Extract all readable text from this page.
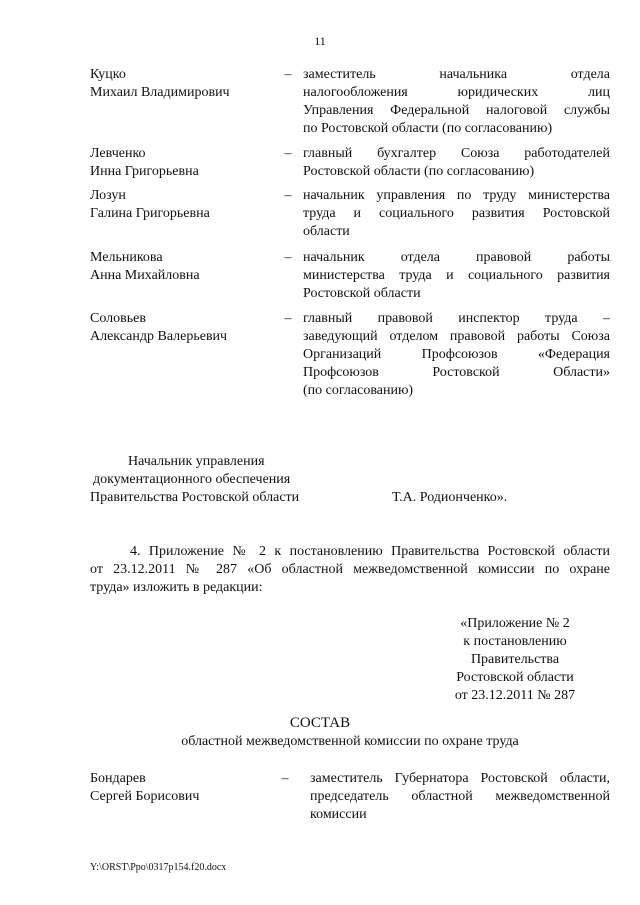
11
Куцко
Михаил Владимирович
– заместитель начальника отдела
налогообложения юридических лиц
Управления Федеральной налоговой службы
по Ростовской области (по согласованию)
Левченко
Инна Григорьевна
– главный бухгалтер Союза работодателей
Ростовской области (по согласованию)
Лозун
Галина Григорьевна
– начальник управления по труду министерства
труда и социального развития Ростовской
области
Мельникова
Анна Михайловна
– начальник отдела правовой работы
министерства труда и социального развития
Ростовской области
Соловьев
Александр Валерьевич
– главный правовой инспектор труда –
заведующий отделом правовой работы Союза
Организаций Профсоюзов «Федерация
Профсоюзов Ростовской Области»
(по согласованию)
Начальник управления
документационного обеспечения
Правительства Ростовской области	Т.А. Родионченко».
4. Приложение № 2 к постановлению Правительства Ростовской области
от 23.12.2011 № 287 «Об областной межведомственной комиссии по охране
труда» изложить в редакции:
«Приложение № 2
к постановлению
Правительства
Ростовской области
от 23.12.2011 № 287
СОСТАВ
областной межведомственной комиссии по охране труда
Бондарев
Сергей Борисович
– заместитель Губернатора Ростовской области,
председатель областной межведомственной
комиссии
Y:\ORST\Ppo\0317p154.f20.docx
